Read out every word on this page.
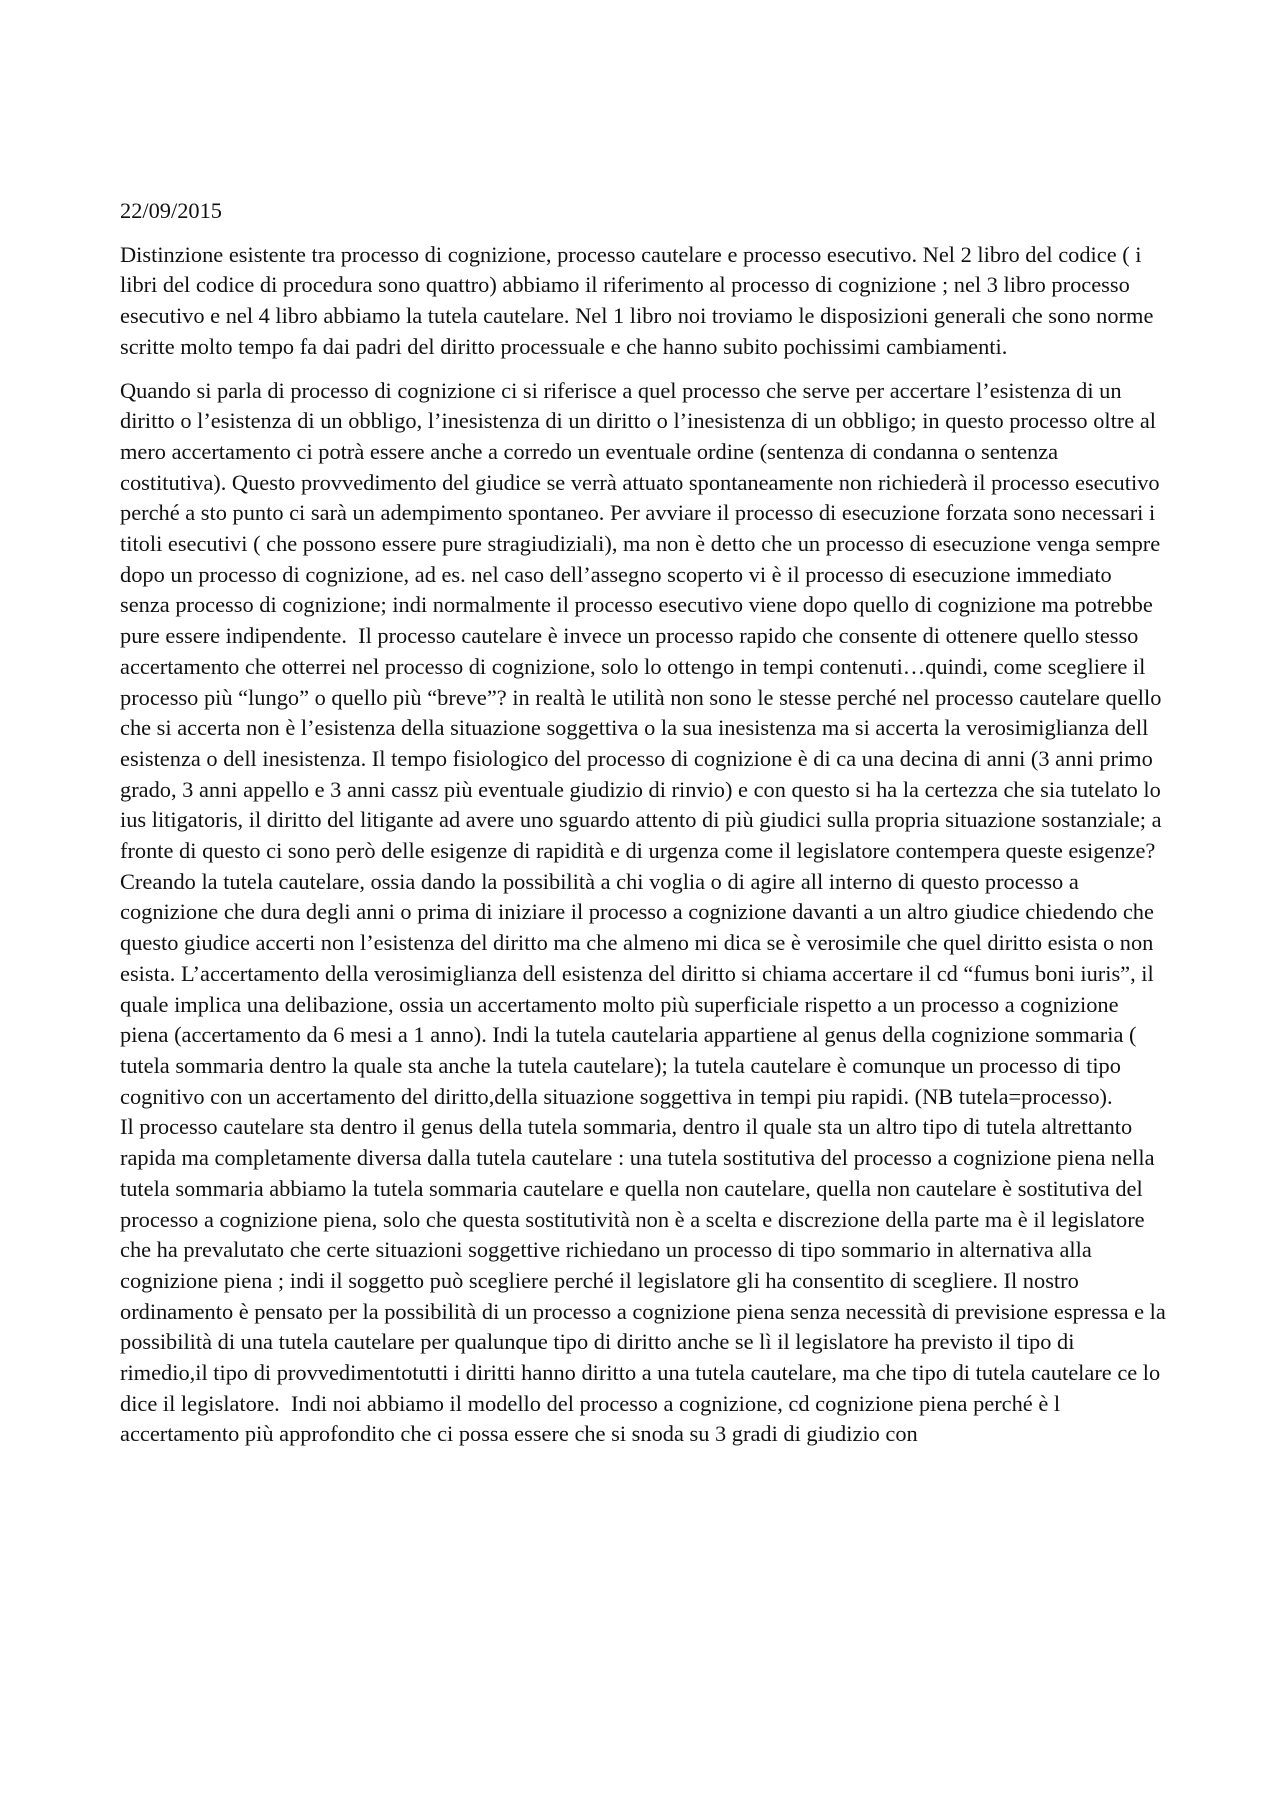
22/09/2015

Distinzione esistente tra processo di cognizione, processo cautelare e processo esecutivo. Nel 2 libro del codice ( i libri del codice di procedura sono quattro) abbiamo il riferimento al processo di cognizione ; nel 3 libro processo esecutivo e nel 4 libro abbiamo la tutela cautelare. Nel 1 libro noi troviamo le disposizioni generali che sono norme scritte molto tempo fa dai padri del diritto processuale e che hanno subito pochissimi cambiamenti.

Quando si parla di processo di cognizione ci si riferisce a quel processo che serve per accertare l’esistenza di un diritto o l’esistenza di un obbligo, l’inesistenza di un diritto o l’inesistenza di un obbligo; in questo processo oltre al mero accertamento ci potrà essere anche a corredo un eventuale ordine (sentenza di condanna o sentenza costitutiva). Questo provvedimento del giudice se verrà attuato spontaneamente non richiederà il processo esecutivo perché a sto punto ci sarà un adempimento spontaneo. Per avviare il processo di esecuzione forzata sono necessari i titoli esecutivi ( che possono essere pure stragiudiziali), ma non è detto che un processo di esecuzione venga sempre dopo un processo di cognizione, ad es. nel caso dell’assegno scoperto vi è il processo di esecuzione immediato senza processo di cognizione; indi normalmente il processo esecutivo viene dopo quello di cognizione ma potrebbe pure essere indipendente.  Il processo cautelare è invece un processo rapido che consente di ottenere quello stesso accertamento che otterrei nel processo di cognizione, solo lo ottengo in tempi contenuti…quindi, come scegliere il processo più “lungo” o quello più “breve”? in realtà le utilità non sono le stesse perché nel processo cautelare quello che si accerta non è l’esistenza della situazione soggettiva o la sua inesistenza ma si accerta la verosimiglianza dell esistenza o dell inesistenza. Il tempo fisiologico del processo di cognizione è di ca una decina di anni (3 anni primo grado, 3 anni appello e 3 anni cassz più eventuale giudizio di rinvio) e con questo si ha la certezza che sia tutelato lo ius litigatoris, il diritto del litigante ad avere uno sguardo attento di più giudici sulla propria situazione sostanziale; a fronte di questo ci sono però delle esigenze di rapidità e di urgenza come il legislatore contempera queste esigenze? Creando la tutela cautelare, ossia dando la possibilità a chi voglia o di agire all interno di questo processo a cognizione che dura degli anni o prima di iniziare il processo a cognizione davanti a un altro giudice chiedendo che questo giudice accerti non l’esistenza del diritto ma che almeno mi dica se è verosimile che quel diritto esista o non esista. L’accertamento della verosimiglianza dell esistenza del diritto si chiama accertare il cd “fumus boni iuris”, il quale implica una delibazione, ossia un accertamento molto più superficiale rispetto a un processo a cognizione piena (accertamento da 6 mesi a 1 anno). Indi la tutela cautelaria appartiene al genus della cognizione sommaria ( tutela sommaria dentro la quale sta anche la tutela cautelare); la tutela cautelare è comunque un processo di tipo cognitivo con un accertamento del diritto,della situazione soggettiva in tempi piu rapidi. (NB tutela=processo).           Il processo cautelare sta dentro il genus della tutela sommaria, dentro il quale sta un altro tipo di tutela altrettanto rapida ma completamente diversa dalla tutela cautelare : una tutela sostitutiva del processo a cognizione piena nella tutela sommaria abbiamo la tutela sommaria cautelare e quella non cautelare, quella non cautelare è sostitutiva del processo a cognizione piena, solo che questa sostitutività non è a scelta e discrezione della parte ma è il legislatore che ha prevalutato che certe situazioni soggettive richiedano un processo di tipo sommario in alternativa alla cognizione piena ; indi il soggetto può scegliere perché il legislatore gli ha consentito di scegliere. Il nostro ordinamento è pensato per la possibilità di un processo a cognizione piena senza necessità di previsione espressa e la possibilità di una tutela cautelare per qualunque tipo di diritto anche se lì il legislatore ha previsto il tipo di rimedio,il tipo di provvedimentotutti i diritti hanno diritto a una tutela cautelare, ma che tipo di tutela cautelare ce lo dice il legislatore.  Indi noi abbiamo il modello del processo a cognizione, cd cognizione piena perché è l accertamento più approfondito che ci possa essere che si snoda su 3 gradi di giudizio con
